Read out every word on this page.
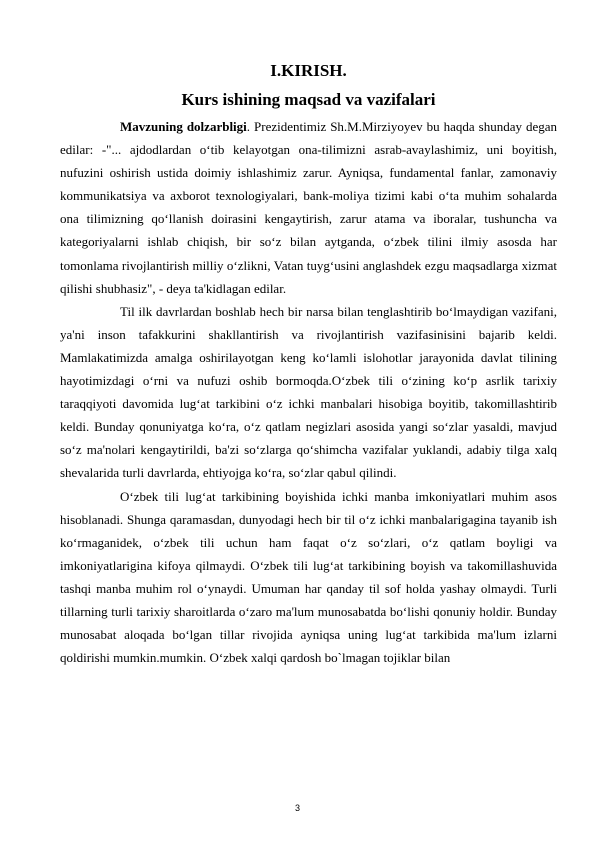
I.KIRISH.
Kurs ishining maqsad va vazifalari

Mavzuning dolzarbligi. Prezidentimiz Sh.M.Mirziyoyev bu haqda shunday degan edilar: -"... ajdodlardan o‘tib kelayotgan ona-tilimizni asrab-avaylashimiz, uni boyitish, nufuzini oshirish ustida doimiy ishlashimiz zarur. Ayniqsa, fundamental fanlar, zamonaviy kommunikatsiya va axborot texnologiyalari, bank-moliya tizimi kabi o‘ta muhim sohalarda ona tilimizning qo‘llanish doirasini kengaytirish, zarur atama va iboralar, tushuncha va kategoriyalarni ishlab chiqish, bir so‘z bilan aytganda, o‘zbek tilini ilmiy asosda har tomonlama rivojlantirish milliy o‘zlikni, Vatan tuyg‘usini anglashdek ezgu maqsadlarga xizmat qilishi shubhasiz", - deya ta'kidlagan edilar.

Til ilk davrlardan boshlab hech bir narsa bilan tenglashtirib bo‘lmaydigan vazifani, ya'ni inson tafakkurini shakllantirish va rivojlantirish vazifasinisini bajarib keldi. Mamlakatimizda amalga oshirilayotgan keng ko‘lamli islohotlar jarayonida davlat tilining hayotimizdagi o‘rni va nufuzi oshib bormoqda.O‘zbek tili o‘zining ko‘p asrlik tarixiy taraqqiyoti davomida lug‘at tarkibini o‘z ichki manbalari hisobiga boyitib, takomillashtirib keldi. Bunday qonuniyatga ko‘ra, o‘z qatlam negizlari asosida yangi so‘zlar yasaldi, mavjud so‘z ma'nolari kengaytirildi, ba'zi so‘zlarga qo‘shimcha vazifalar yuklandi, adabiy tilga xalq shevalarida turli davrlarda, ehtiyojga ko‘ra, so‘zlar qabul qilindi.

O‘zbek tili lug‘at tarkibining boyishida ichki manba imkoniyatlari muhim asos hisoblanadi. Shunga qaramasdan, dunyodagi hech bir til o‘z ichki manbalarigagina tayanib ish ko‘rmaganidek, o‘zbek tili uchun ham faqat o‘z so‘zlari, o‘z qatlam boyligi va imkoniyatlarigina kifoya qilmaydi. O‘zbek tili lug‘at tarkibining boyish va takomillashuvida tashqi manba muhim rol o‘ynaydi. Umuman har qanday til sof holda yashay olmaydi. Turli tillarning turli tarixiy sharoitlarda o‘zaro ma'lum munosabatda bo‘lishi qonuniy holdir. Bunday munosabat aloqada bo‘lgan tillar rivojida ayniqsa uning lug‘at tarkibida ma'lum izlarni qoldirishi mumkin.mumkin. O‘zbek xalqi qardosh bo`lmagan tojiklar bilan

3
